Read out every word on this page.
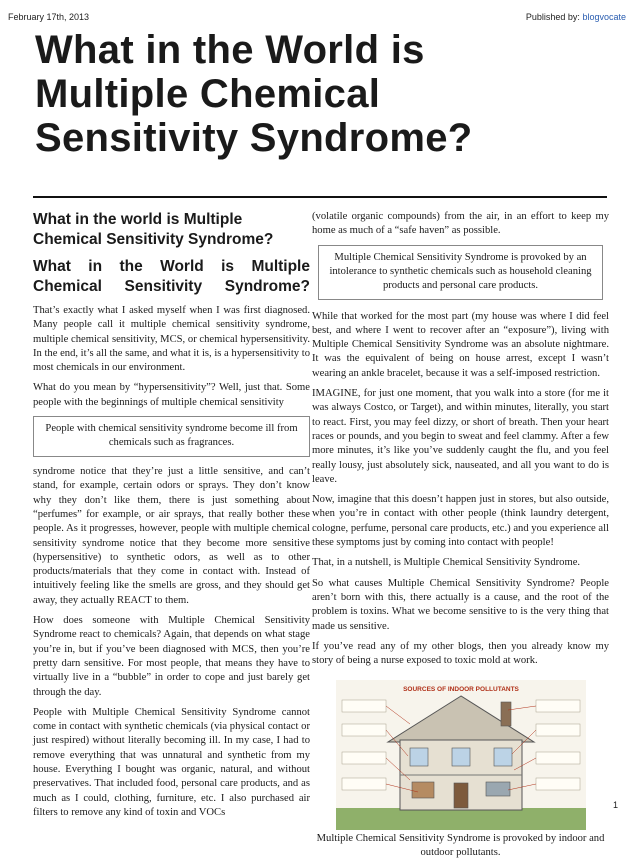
February 17th, 2013	Published by: blogvocate
What in the World is
Multiple Chemical
Sensitivity Syndrome?
What in the world is Multiple Chemical Sensitivity Syndrome?
What in the World is Multiple Chemical Sensitivity Syndrome?

That’s exactly what I asked myself when I was first diagnosed. Many people call it multiple chemical sensitivity syndrome, multiple chemical sensitivity, MCS, or chemical hypersensitivity. In the end, it’s all the same, and what it is, is a hypersensitivity to most chemicals in our environment.

What do you mean by “hypersensitivity”? Well, just that. Some people with the beginnings of multiple chemical sensitivity

People with chemical sensitivity syndrome become ill from chemicals such as fragrances.

syndrome notice that they’re just a little sensitive, and can’t stand, for example, certain odors or sprays. They don’t know why they don’t like them, there is just something about “perfumes” for example, or air sprays, that really bother these people. As it progresses, however, people with multiple chemical sensitivity syndrome notice that they become more sensitive (hypersensitive) to synthetic odors, as well as to other products/materials that they come in contact with. Instead of intuitively feeling like the smells are gross, and they should get away, they actually REACT to them.

How does someone with Multiple Chemical Sensitivity Syndrome react to chemicals? Again, that depends on what stage you’re in, but if you’ve been diagnosed with MCS, then you’re pretty darn sensitive. For most people, that means they have to virtually live in a “bubble” in order to cope and just barely get through the day.

People with Multiple Chemical Sensitivity Syndrome cannot come in contact with synthetic chemicals (via physical contact or just respired) without literally becoming ill. In my case, I had to remove everything that was unnatural and synthetic from my house. Everything I bought was organic, natural, and without preservatives. That included food, personal care products, and as much as I could, clothing, furniture, etc. I also purchased air filters to remove any kind of toxin and VOCs

(volatile organic compounds) from the air, in an effort to keep my home as much of a “safe haven” as possible.

Multiple Chemical Sensitivity Syndrome is provoked by an intolerance to synthetic chemicals such as household cleaning products and personal care products.

While that worked for the most part (my house was where I did feel best, and where I went to recover after an “exposure”), living with Multiple Chemical Sensitivity Syndrome was an absolute nightmare. It was the equivalent of being on house arrest, except I wasn’t wearing an ankle bracelet, because it was a self-imposed restriction.

IMAGINE, for just one moment, that you walk into a store (for me it was always Costco, or Target), and within minutes, literally, you start to react. First, you may feel dizzy, or short of breath. Then your heart races or pounds, and you begin to sweat and feel clammy. After a few more minutes, it’s like you’ve suddenly caught the flu, and you feel really lousy, just absolutely sick, nauseated, and all you want to do is leave.

Now, imagine that this doesn’t happen just in stores, but also outside, when you’re in contact with other people (think laundry detergent, cologne, perfume, personal care products, etc.) and you experience all these symptoms just by coming into contact with people!

That, in a nutshell, is Multiple Chemical Sensitivity Syndrome.

So what causes Multiple Chemical Sensitivity Syndrome? People aren’t born with this, there actually is a cause, and the root of the problem is toxins. What we become sensitive to is the very thing that made us sensitive.

If you’ve read any of my other blogs, then you already know my story of being a nurse exposed to toxic mold at work.

SOURCES OF INDOOR POLLUTANTS
Multiple Chemical Sensitivity Syndrome is provoked by indoor and outdoor pollutants.
1
